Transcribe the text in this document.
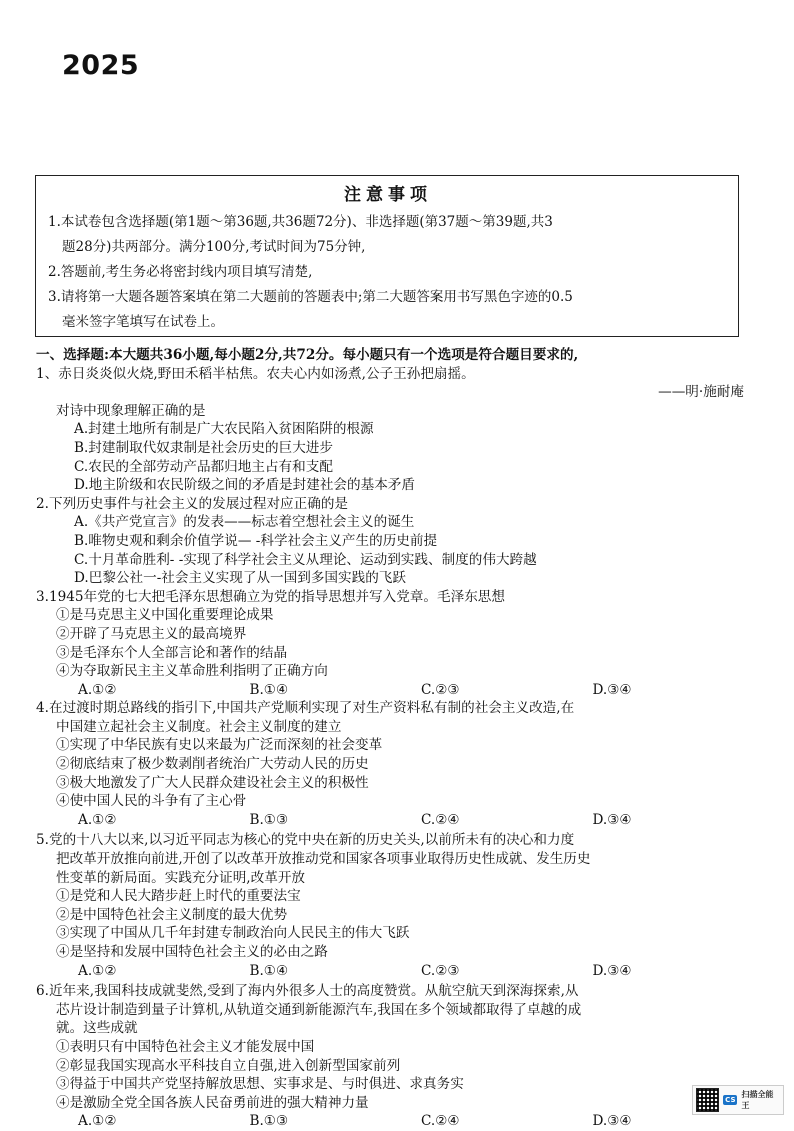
2025

注意事项

1.本试卷包含选择题(第1题～第36题,共36题72分)、非选择题(第37题～第39题,共3

题28分)共两部分。满分100分,考试时间为75分钟,

2.答题前,考生务必将密封线内项目填写清楚,

3.请将第一大题各题答案填在第二大题前的答题表中;第二大题答案用书写黑色字迹的0.5

毫米签字笔填写在试卷上。

一、选择题:本大题共36小题,每小题2分,共72分。每小题只有一个选项是符合题目要求的,

1、赤日炎炎似火烧,野田禾稻半枯焦。农夫心内如汤煮,公子王孙把扇摇。

——明·施耐庵

对诗中现象理解正确的是

A.封建土地所有制是广大农民陷入贫困陷阱的根源

B.封建制取代奴隶制是社会历史的巨大进步

C.农民的全部劳动产品都归地主占有和支配

D.地主阶级和农民阶级之间的矛盾是封建社会的基本矛盾

2.下列历史事件与社会主义的发展过程对应正确的是

A.《共产党宣言》的发表——标志着空想社会主义的诞生

B.唯物史观和剩余价值学说— -科学社会主义产生的历史前提

C.十月革命胜利- -实现了科学社会主义从理论、运动到实践、制度的伟大跨越

D.巴黎公社一-社会主义实现了从一国到多国实践的飞跃

3.1945年党的七大把毛泽东思想确立为党的指导思想并写入党章。毛泽东思想

①是马克思主义中国化重要理论成果

②开辟了马克思主义的最高境界

③是毛泽东个人全部言论和著作的结晶

④为夺取新民主主义革命胜利指明了正确方向

A.①②	B.①④	C.②③	D.③④

4.在过渡时期总路线的指引下,中国共产党顺利实现了对生产资料私有制的社会主义改造,在

中国建立起社会主义制度。社会主义制度的建立

①实现了中华民族有史以来最为广泛而深刻的社会变革

②彻底结束了极少数剥削者统治广大劳动人民的历史

③极大地激发了广大人民群众建设社会主义的积极性

④使中国人民的斗争有了主心骨

A.①②	B.①③	C.②④	D.③④

5.党的十八大以来,以习近平同志为核心的党中央在新的历史关头,以前所未有的决心和力度

把改革开放推向前进,开创了以改革开放推动党和国家各项事业取得历史性成就、发生历史

性变革的新局面。实践充分证明,改革开放

①是党和人民大踏步赶上时代的重要法宝

②是中国特色社会主义制度的最大优势

③实现了中国从几千年封建专制政治向人民民主的伟大飞跃

④是坚持和发展中国特色社会主义的必由之路

A.①②	B.①④	C.②③	D.③④

6.近年来,我国科技成就斐然,受到了海内外很多人士的高度赞赏。从航空航天到深海探索,从

芯片设计制造到量子计算机,从轨道交通到新能源汽车,我国在多个领域都取得了卓越的成

就。这些成就

①表明只有中国特色社会主义才能发展中国

②彰显我国实现高水平科技自立自强,进入创新型国家前列

③得益于中国共产党坚持解放思想、实事求是、与时俱进、求真务实

④是激励全党全国各族人民奋勇前进的强大精神力量

A.①②	B.①③	C.②④	D.③④
CS
扫描全能王
